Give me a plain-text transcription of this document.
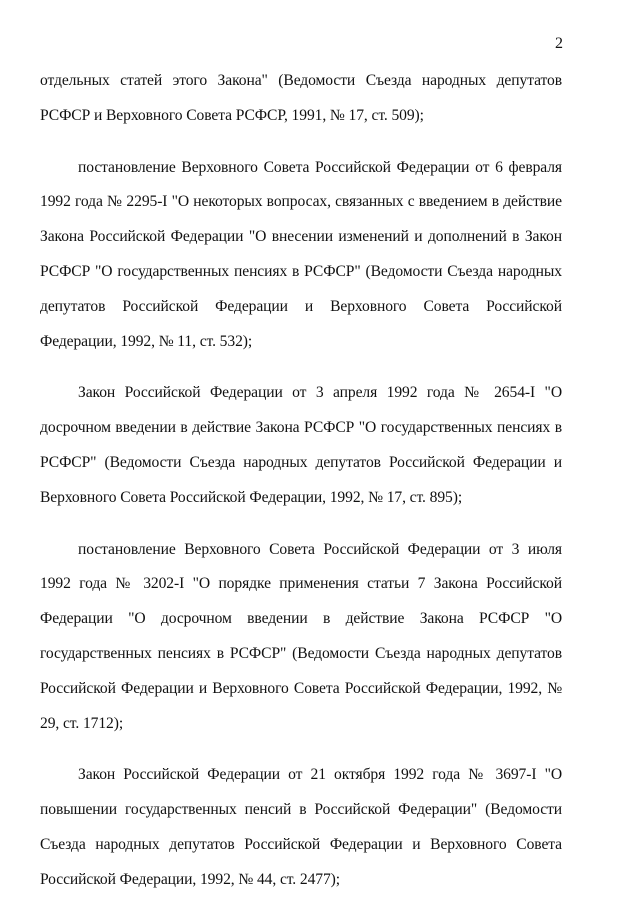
2

отдельных статей этого Закона" (Ведомости Съезда народных депутатов РСФСР и Верховного Совета РСФСР, 1991, № 17, ст. 509);

постановление Верховного Совета Российской Федерации от 6 февраля 1992 года № 2295-I "О некоторых вопросах, связанных с введением в действие Закона Российской Федерации "О внесении изменений и дополнений в Закон РСФСР "О государственных пенсиях в РСФСР" (Ведомости Съезда народных депутатов Российской Федерации и Верховного Совета Российской Федерации, 1992, № 11, ст. 532);

Закон Российской Федерации от 3 апреля 1992 года № 2654-I "О досрочном введении в действие Закона РСФСР "О государственных пенсиях в РСФСР" (Ведомости Съезда народных депутатов Российской Федерации и Верховного Совета Российской Федерации, 1992, № 17, ст. 895);

постановление Верховного Совета Российской Федерации от 3 июля 1992 года № 3202-I "О порядке применения статьи 7 Закона Российской Федерации "О досрочном введении в действие Закона РСФСР "О государственных пенсиях в РСФСР" (Ведомости Съезда народных депутатов Российской Федерации и Верховного Совета Российской Федерации, 1992, № 29, ст. 1712);

Закон Российской Федерации от 21 октября 1992 года № 3697-I "О повышении государственных пенсий в Российской Федерации" (Ведомости Съезда народных депутатов Российской Федерации и Верховного Совета Российской Федерации, 1992, № 44, ст. 2477);
